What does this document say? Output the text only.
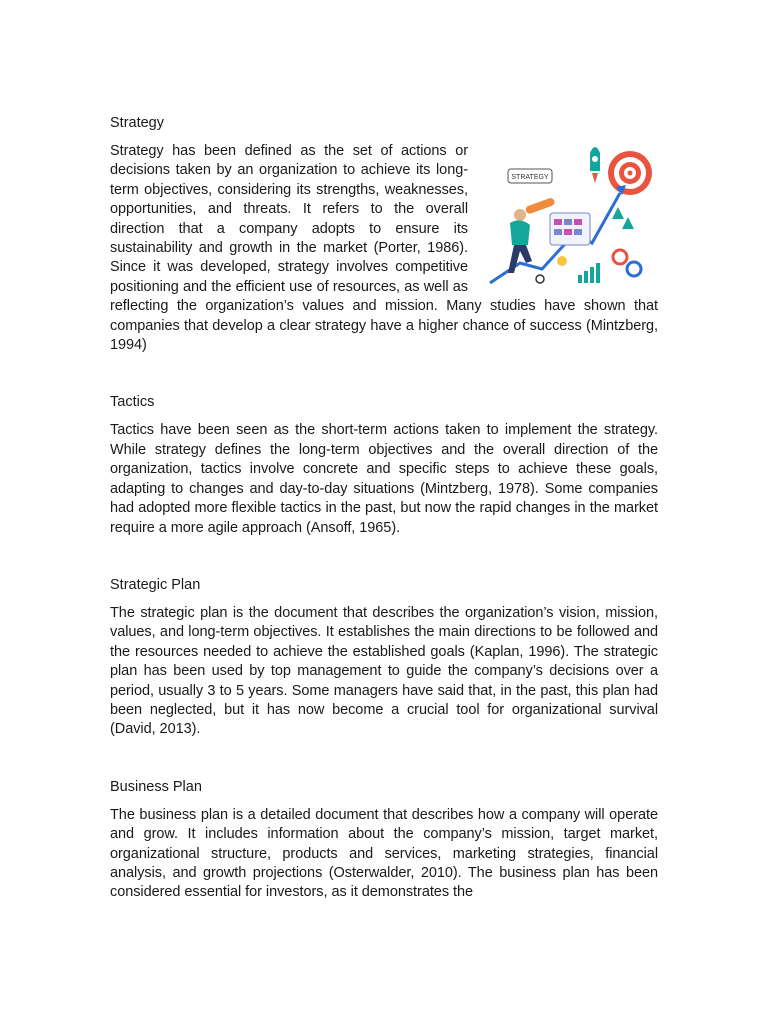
Strategy
STRATEGY

Strategy has been defined as the set of actions or decisions taken by an organization to achieve its long-term objectives, considering its strengths, weaknesses, opportunities, and threats. It refers to the overall direction that a company adopts to ensure its sustainability and growth in the market (Porter, 1986). Since it was developed, strategy involves competitive positioning and the efficient use of resources, as well as reflecting the organization’s values and mission. Many studies have shown that companies that develop a clear strategy have a higher chance of success (Mintzberg, 1994)

Tactics

Tactics have been seen as the short-term actions taken to implement the strategy. While strategy defines the long-term objectives and the overall direction of the organization, tactics involve concrete and specific steps to achieve these goals, adapting to changes and day-to-day situations (Mintzberg, 1978). Some companies had adopted more flexible tactics in the past, but now the rapid changes in the market require a more agile approach (Ansoff, 1965).

Strategic Plan

The strategic plan is the document that describes the organization’s vision, mission, values, and long-term objectives. It establishes the main directions to be followed and the resources needed to achieve the established goals (Kaplan, 1996). The strategic plan has been used by top management to guide the company’s decisions over a period, usually 3 to 5 years. Some managers have said that, in the past, this plan had been neglected, but it has now become a crucial tool for organizational survival (David, 2013).

Business Plan

The business plan is a detailed document that describes how a company will operate and grow. It includes information about the company’s mission, target market, organizational structure, products and services, marketing strategies, financial analysis, and growth projections (Osterwalder, 2010). The business plan has been considered essential for investors, as it demonstrates the
